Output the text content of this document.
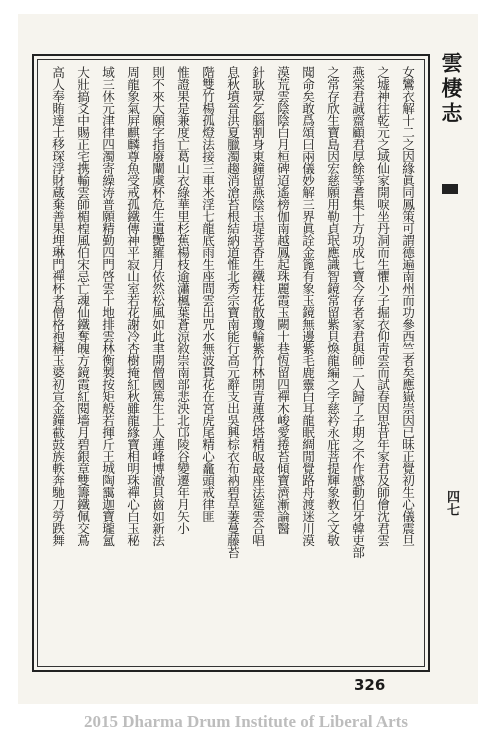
女鸞衣解十二之因緣眞同鳳策可謂德遍南州而功參西竺者矣應嶽崇因已昧正覺初生心儀震旦
之墟神往乾元之域仙家開唳坐丹洞而生懼小子掘衣仰靑雲而試春因思昔年家君及師儈沈君雲
燕棠君誠齋顧君厚餘等耆集十方功成七寶今存者家君與師二人歸了子期之不作感動伯牙韓吏部
之常存欣生寶島因宏慈願用勒貞珉應識智鏡常留紫貝煥龍編之字慈衿永庇菩提輝象教之文敬
聞命矣敢爲頌曰兩儀妙解三界眞詮金篦有象玉鏡無邊紫毛鹿靈白耳龍眠綢閒覺路舟渡迷川漠
漠荒雲陰陰白月桓碑迢遙榜伽南越鳳起珠麗霞玉闕十巷恆留四禪木峻愛捲苔傾寶濟漸論醫
針耿眾乞腦割身東鐘留燕陰玉堤菩香生鐵柱花散瓊輪紫竹林開青蓮啓塔精皈最座法筵雲合唱
息秋墳晉洪夏臘濁趨消滄苔根結納道惟北秀宗寶南能行高元辭支出吳興棕衣布衲碧草萋蔓藤苔
階雙竹楊孤燈法接三車米淫七龍底雨生座間雲出咒水無波貫花在宮虎尾精心龕頭戒律匪
惟證果是兼度亡葛山衣綠華里杉蕉楊枝逾瀟楓葉蒼涼敘崇南部悲泱北邙陵谷變遷年月矢小
則不來大願字指廢闡虞杯危生遺艷羅月依然松風如此聿開僧國篤生上人蓮峰博澈貝齒如新法
周龍象氣屛麒麟尊魚受戒孤鐵傳神平寂山室若花謝冷杏樹掩紅秋雖龍緣寶相明珠禪心白玉秘
域三休元津律四濁寄繰涛普願精勤四門啓雲十地排雲林衡製按矩般若揮斤王城陶靄迦寶瓏氳
大壯搞爻中賜正宅携輸雲師楣楻風伯宋忌亡魂仙鐵奪魄方鏡霞紅閱墻月碧銀章雙籌鐵佩交蔦
高人奉賄達士移琛浮財蔵棄善果埋琳門禪杯者僧格袍稱玉婆初宣金鐘截鼓族軼奔馳刀勞跌舞	雲棲志
四七
326
2015 Dharma Drum Institute of Liberal Arts
